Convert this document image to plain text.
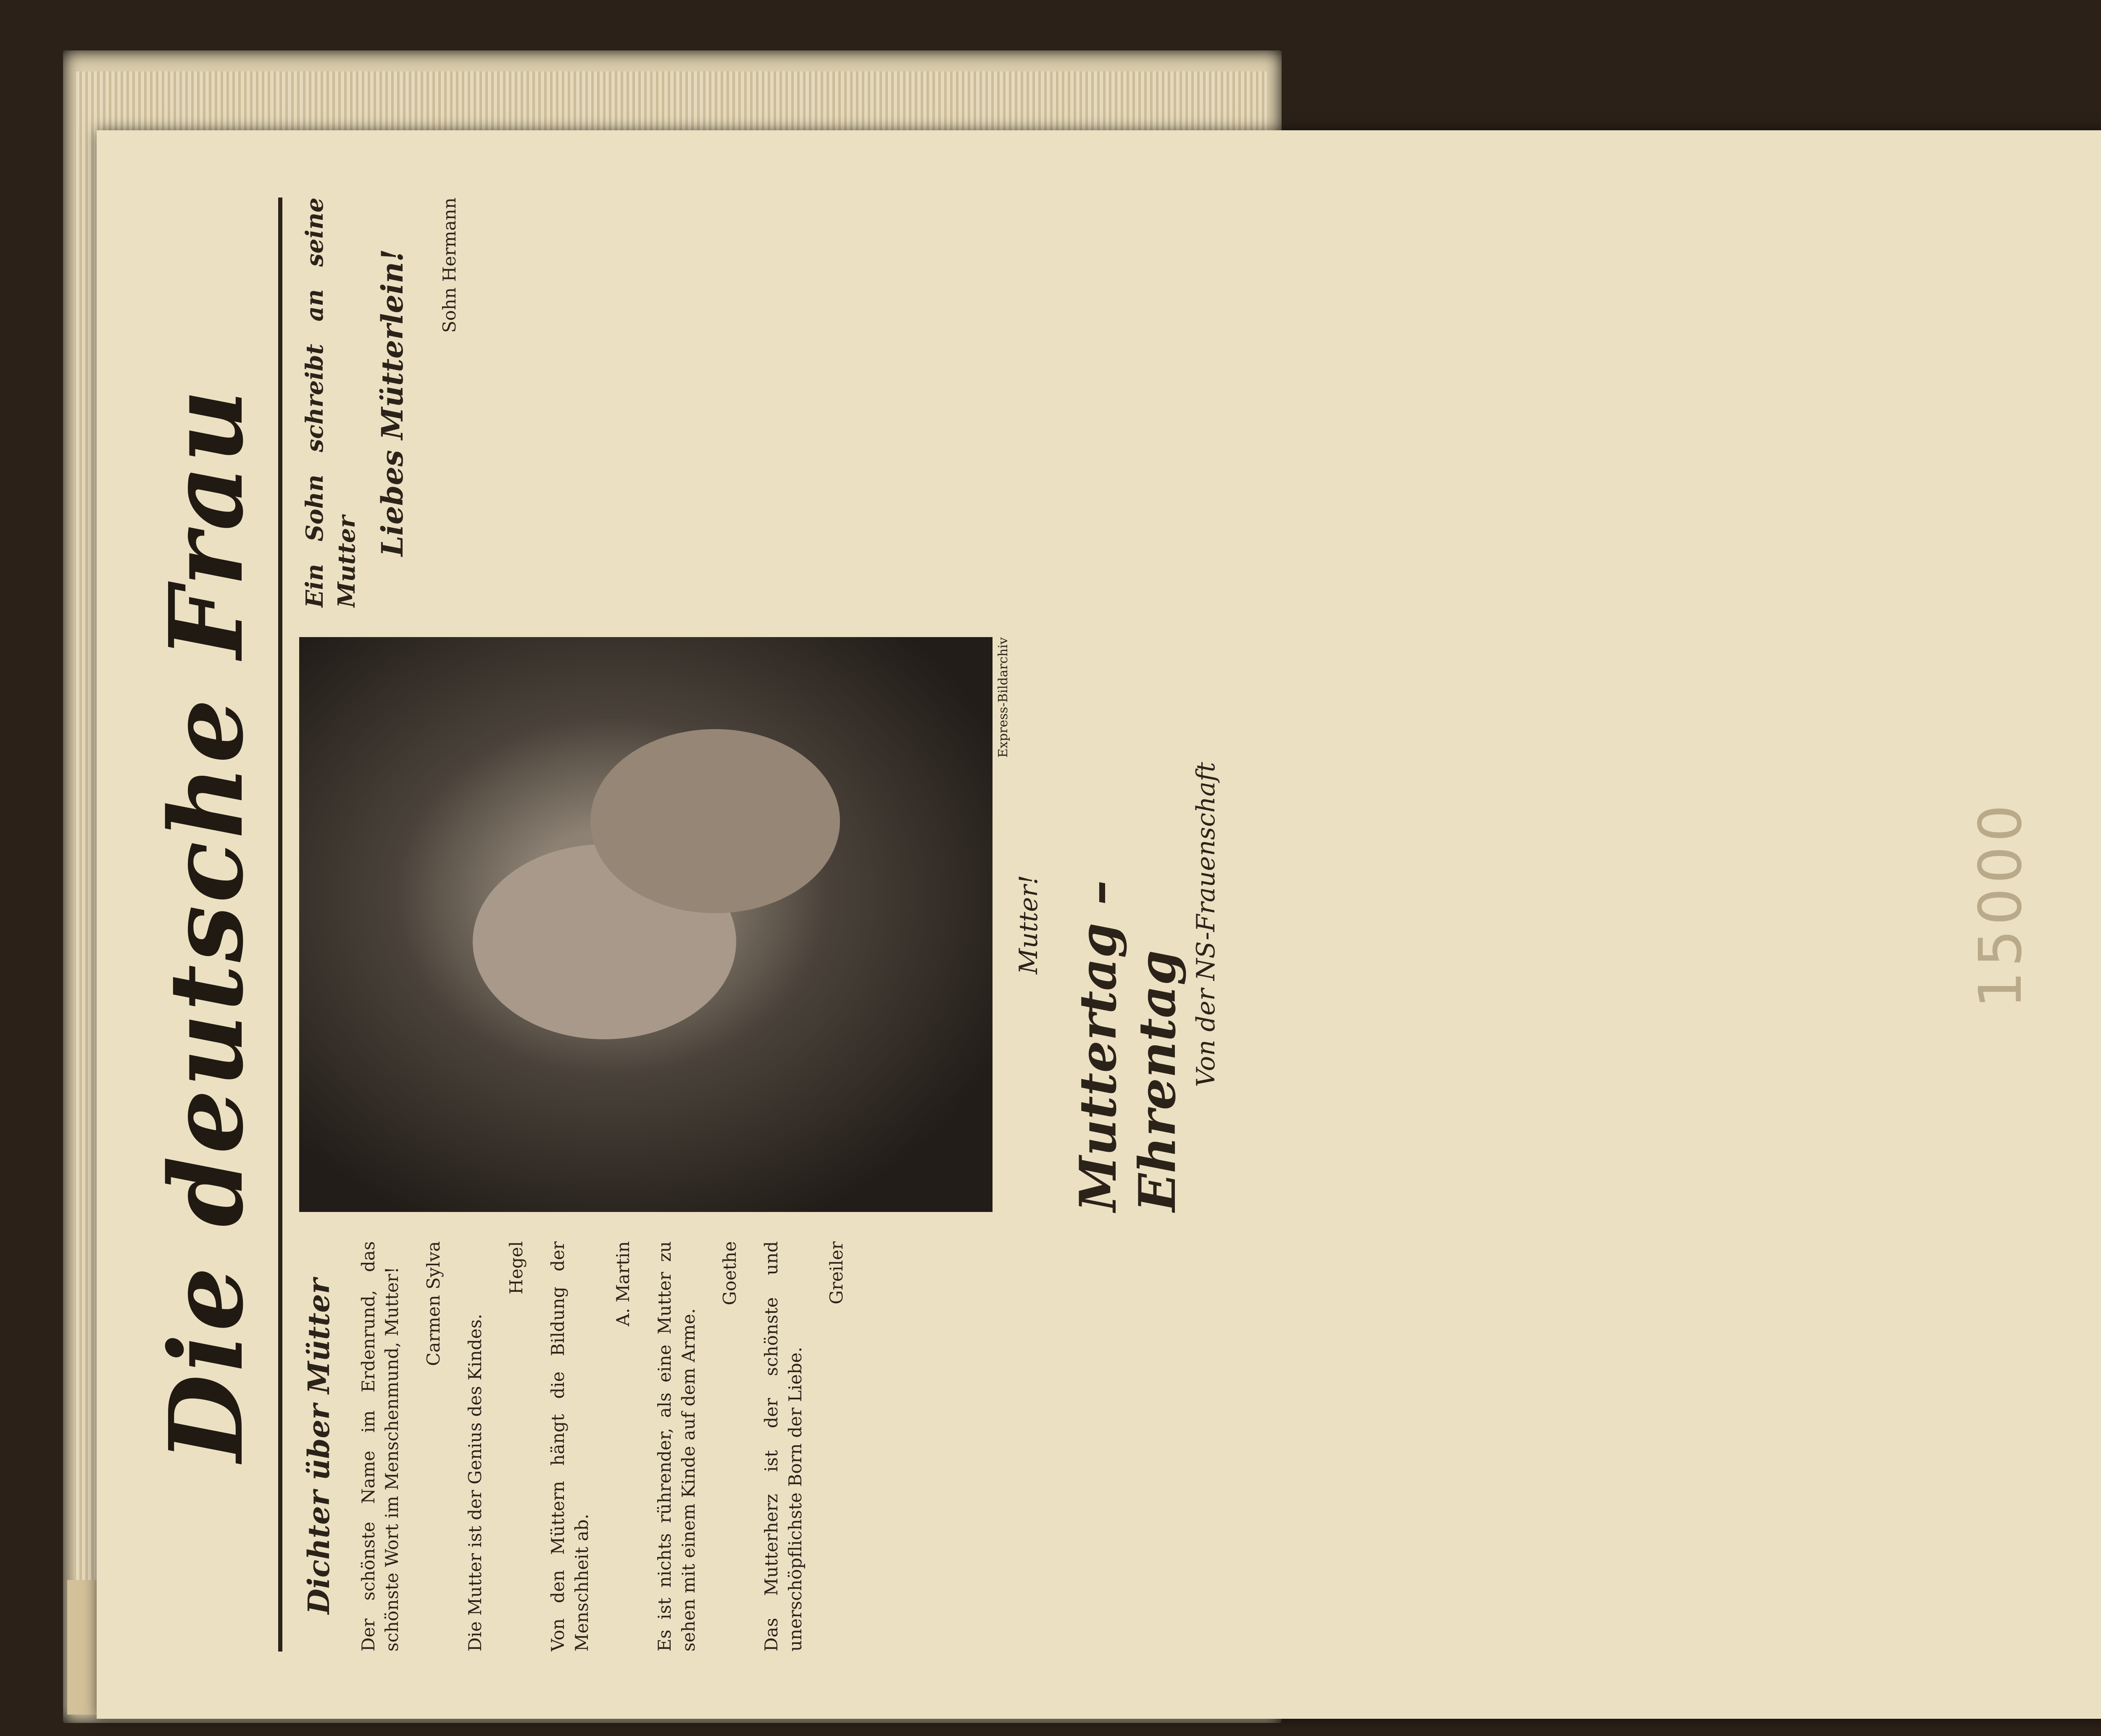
Die deutsche Frau Dichter über Mütter Der schönste Name im Erdenrund, das schönste Wort im Menschenmund, Mutter! Carmen Sylva

Die Mutter ist der Genius des Kindes.

Hegel Von den Müttern hängt die Bildung der Menschheit ab.

A. Martin Es ist nichts rührender, als eine Mutter zu sehen mit einem Kinde auf dem Arme.

Goethe Das Mutterherz ist der schönste und unerschöpflichste Born der Liebe.

Greiler

Express-Bildarchiv
Mutter! Muttertag – Ehrentag Von der NS-Frauenschaft
Ein Sohn schreibt an seine Mutter
Liebes Mütterlein! Sohn Hermann

15000
